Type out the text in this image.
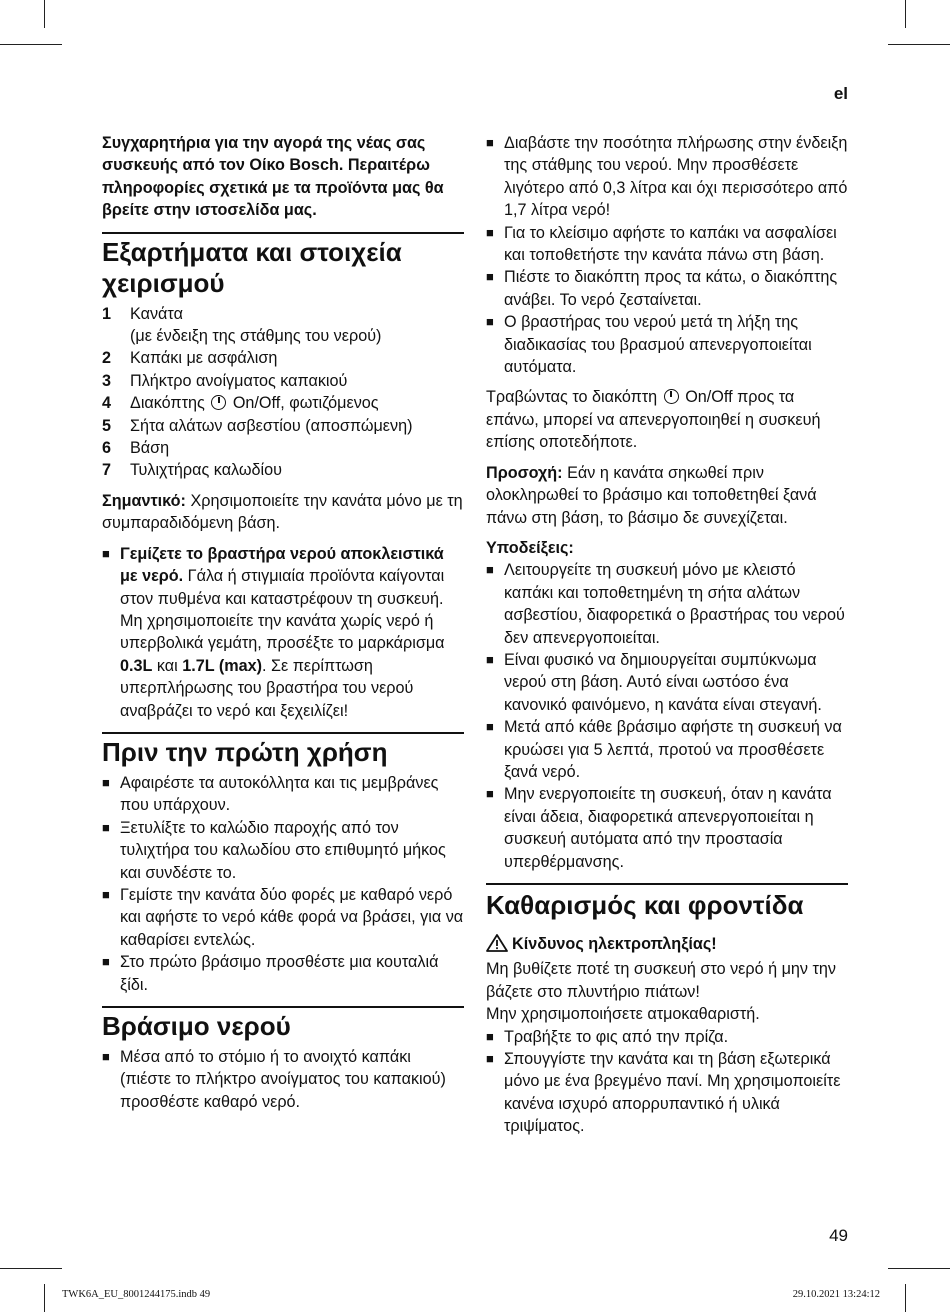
el

Συγχαρητήρια για την αγορά της νέας σας συσκευής από τον Οίκο Bosch. Περαιτέρω πληροφορίες σχετικά με τα προϊόντα μας θα βρείτε στην ιστοσελίδα μας.

Εξαρτήματα και στοιχεία
χειρισμού
1	Κανάτα
(με ένδειξη της στάθμης του νερού)
2	Καπάκι με ασφάλιση
3	Πλήκτρο ανοίγματος καπακιού
4	Διακόπτης On/Off, φωτιζόμενος
5	Σήτα αλάτων ασβεστίου (αποσπώμενη)
6	Βάση
7	Τυλιχτήρας καλωδίου

Σημαντικό: Χρησιμοποιείτε την κανάτα μόνο με τη συμπαραδιδόμενη βάση.

■ Γεμίζετε το βραστήρα νερού αποκλειστικά με νερό. Γάλα ή στιγμιαία προϊόντα καίγονται στον πυθμένα και καταστρέφουν τη συσκευή. Μη χρησιμοποιείτε την κανάτα χωρίς νερό ή υπερβολικά γεμάτη, προσέξτε το μαρκάρισμα 0.3L και 1.7L (max). Σε περίπτωση υπερπλήρωσης του βραστήρα του νερού αναβράζει το νερό και ξεχειλίζει!
Πριν την πρώτη χρήση
■ Αφαιρέστε τα αυτοκόλλητα και τις μεμβράνες που υπάρχουν.
■ Ξετυλίξτε το καλώδιο παροχής από τον τυλιχτήρα του καλωδίου στο επιθυμητό μήκος και συνδέστε το.
■ Γεμίστε την κανάτα δύο φορές με καθαρό νερό και αφήστε το νερό κάθε φορά να βράσει, για να καθαρίσει εντελώς.
■ Στο πρώτο βράσιμο προσθέστε μια κουταλιά ξίδι.
Βράσιμο νερού
■ Μέσα από το στόμιο ή το ανοιχτό καπάκι (πιέστε το πλήκτρο ανοίγματος του καπακιού) προσθέστε καθαρό νερό.
■ Διαβάστε την ποσότητα πλήρωσης στην ένδειξη της στάθμης του νερού. Μην προσθέσετε λιγότερο από 0,3 λίτρα και όχι περισσότερο από 1,7 λίτρα νερό!
■ Για το κλείσιμο αφήστε το καπάκι να ασφαλίσει και τοποθετήστε την κανάτα πάνω στη βάση.
■ Πιέστε το διακόπτη προς τα κάτω, ο διακόπτης ανάβει. Το νερό ζεσταίνεται.
■ Ο βραστήρας του νερού μετά τη λήξη της διαδικασίας του βρασμού απενεργοποιείται αυτόματα.

Τραβώντας το διακόπτη On/Off προς τα επάνω, μπορεί να απενεργοποιηθεί η συσκευή επίσης οποτεδήποτε.

Προσοχή: Εάν η κανάτα σηκωθεί πριν ολοκληρωθεί το βράσιμο και τοποθετηθεί ξανά πάνω στη βάση, το βάσιμο δε συνεχίζεται.

Υποδείξεις:

■ Λειτουργείτε τη συσκευή μόνο με κλειστό καπάκι και τοποθετημένη τη σήτα αλάτων ασβεστίου, διαφορετικά ο βραστήρας του νερού δεν απενεργοποιείται.
■ Είναι φυσικό να δημιουργείται συμπύκνωμα νερού στη βάση. Αυτό είναι ωστόσο ένα κανονικό φαινόμενο, η κανάτα είναι στεγανή.
■ Μετά από κάθε βράσιμο αφήστε τη συσκευή να κρυώσει για 5 λεπτά, προτού να προσθέσετε ξανά νερό.
■ Μην ενεργοποιείτε τη συσκευή, όταν η κανάτα είναι άδεια, διαφορετικά απενεργοποιείται η συσκευή αυτόματα από την προστασία υπερθέρμανσης.
Καθαρισμός και φροντίδα

Κίνδυνος ηλεκτροπληξίας!

Μη βυθίζετε ποτέ τη συσκευή στο νερό ή μην την βάζετε στο πλυντήριο πιάτων!

Μην χρησιμοποιήσετε ατμοκαθαριστή.

■ Τραβήξτε το φις από την πρίζα.
■ Σπουγγίστε την κανάτα και τη βάση εξωτερικά μόνο με ένα βρεγμένο πανί. Μη χρησιμοποιείτε κανένα ισχυρό απορρυπαντικό ή υλικά τριψίματος.
49
TWK6A_EU_8001244175.indb 49	29.10.2021 13:24:12
